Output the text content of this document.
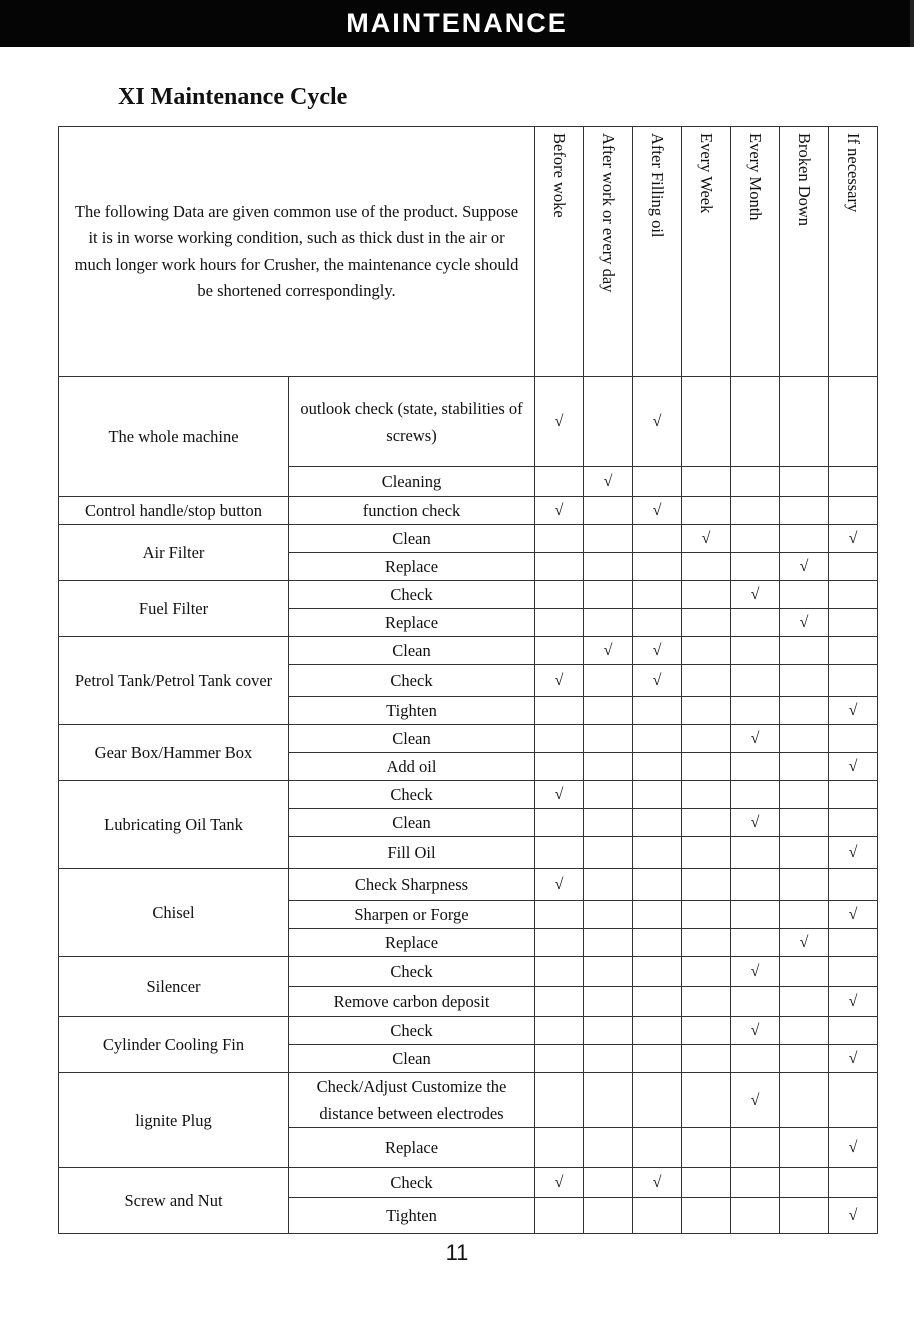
MAINTENANCE
XI Maintenance Cycle
The following Data are given common use of the product. Suppose it is in worse working condition, such as thick dust in the air or much longer work hours for Crusher, the maintenance cycle should be shortened correspondingly.		Before woke	After work or every day	After Filling oil	Every Week	Every Month	Broken Down	If necessary
The whole machine	outlook check (state, stabilities of screws)	√		√				
	Cleaning		√					
Control handle/stop button	function check	√		√				
Air Filter	Clean				√			√
	Replace						√	
Fuel Filter	Check					√		
	Replace						√	
Petrol Tank/Petrol Tank cover	Clean		√	√				
	Check	√		√				
	Tighten							√
Gear Box/Hammer Box	Clean					√		
	Add oil							√
Lubricating Oil Tank	Check	√						
	Clean					√		
	Fill Oil							√
Chisel	Check Sharpness	√						
	Sharpen or Forge							√
	Replace						√	
Silencer	Check					√		
	Remove carbon deposit							√
Cylinder Cooling Fin	Check					√		
	Clean							√
lignite Plug	Check/Adjust Customize the distance between electrodes					√		
	Replace							√
Screw and Nut	Check	√		√				
	Tighten							√
11
